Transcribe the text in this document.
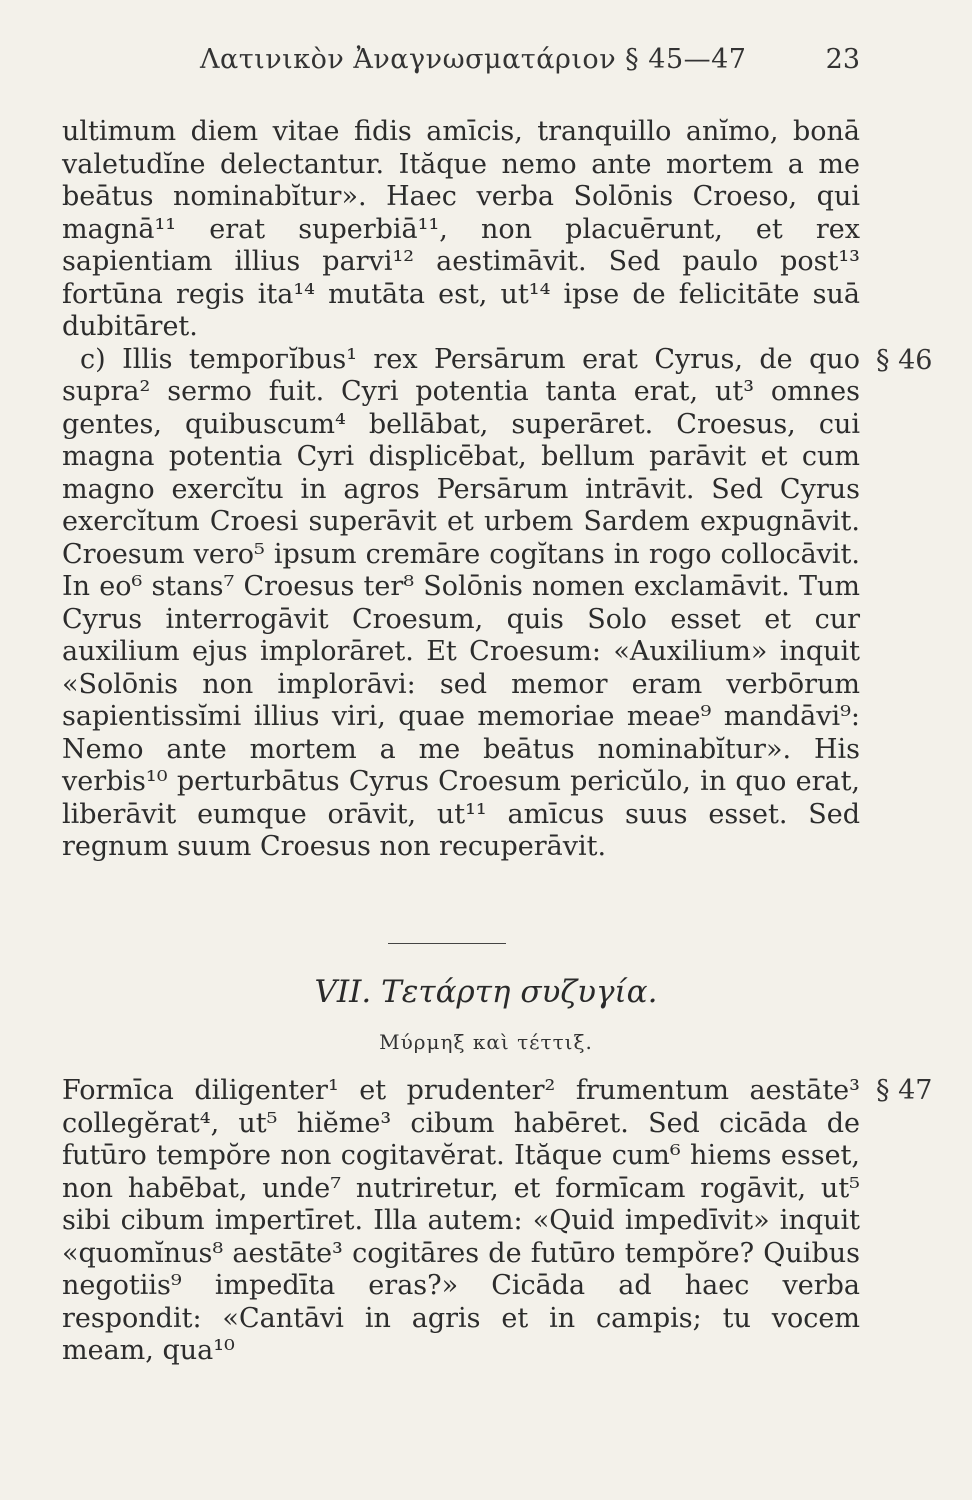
Λατινικὸν Ἀναγνωσματάριον § 45—47	23

ultimum diem vitae fidis amīcis, tranquillo anĭmo, bonā valetudĭne delectantur. Ităque nemo ante mortem a me beātus nominabĭtur». Haec verba Solōnis Croeso, qui magnā¹¹ erat superbiā¹¹, non placuērunt, et rex sapientiam illius parvi¹² aestimāvit. Sed paulo post¹³ fortūna regis ita¹⁴ mutāta est, ut¹⁴ ipse de felicitāte suā dubitāret.

c) Illis tempoгĭbus¹ rex Persārum erat Cyrus, de quo supra² sermo fuit. Cyri potentia tanta erat, ut³ omnes gentes, quibuscum⁴ bellābat, superāret. Croesus, cui magna potentia Cyri displicēbat, bellum parāvit et cum magno exercĭtu in agros Persārum intrāvit. Sed Cyrus exercĭtum Croesi superāvit et urbem Sardem expugnāvit. Croesum vero⁵ ipsum cremāre cogĭtans in rogo collocāvit. In eo⁶ stans⁷ Croesus ter⁸ Solōnis nomen exclamāvit. Tum Cyrus interrogāvit Croesum, quis Solo esset et cur auxilium ejus implorāret. Et Croesum: «Auxilium» inquit «Solōnis non implorāvi: sed memor eram verbōrum sapientissĭmi illius viri, quae memoriae meae⁹ mandāvi⁹: Nemo ante mortem a me beātus nominabĭtur». His verbis¹⁰ perturbātus Cyrus Croesum pericŭlo, in quo erat, liberāvit eumque orāvit, ut¹¹ amīcus suus esset. Sed regnum suum Croesus non recuperāvit.

§ 46
VII. Τετάρτη συζυγία.
Μύρμηξ καὶ τέττιξ.

Formīca diligenter¹ et prudenter² frumentum aestāte³ collegĕrat⁴, ut⁵ hiĕme³ cibum habēret. Sed cicāda de futūro tempŏre non cogitavĕrat. Ităque cum⁶ hiems esset, non habēbat, unde⁷ nutriretur, et formīcam rogāvit, ut⁵ sibi cibum impertīret. Illa autem: «Quid impedīvit» inquit «quomĭnus⁸ aestāte³ cogitāres de futūro tempŏre? Quibus negotiis⁹ impedīta eras?» Cicāda ad haec verba respondit: «Cantāvi in agris et in campis; tu vocem meam, qua¹⁰

§ 47
